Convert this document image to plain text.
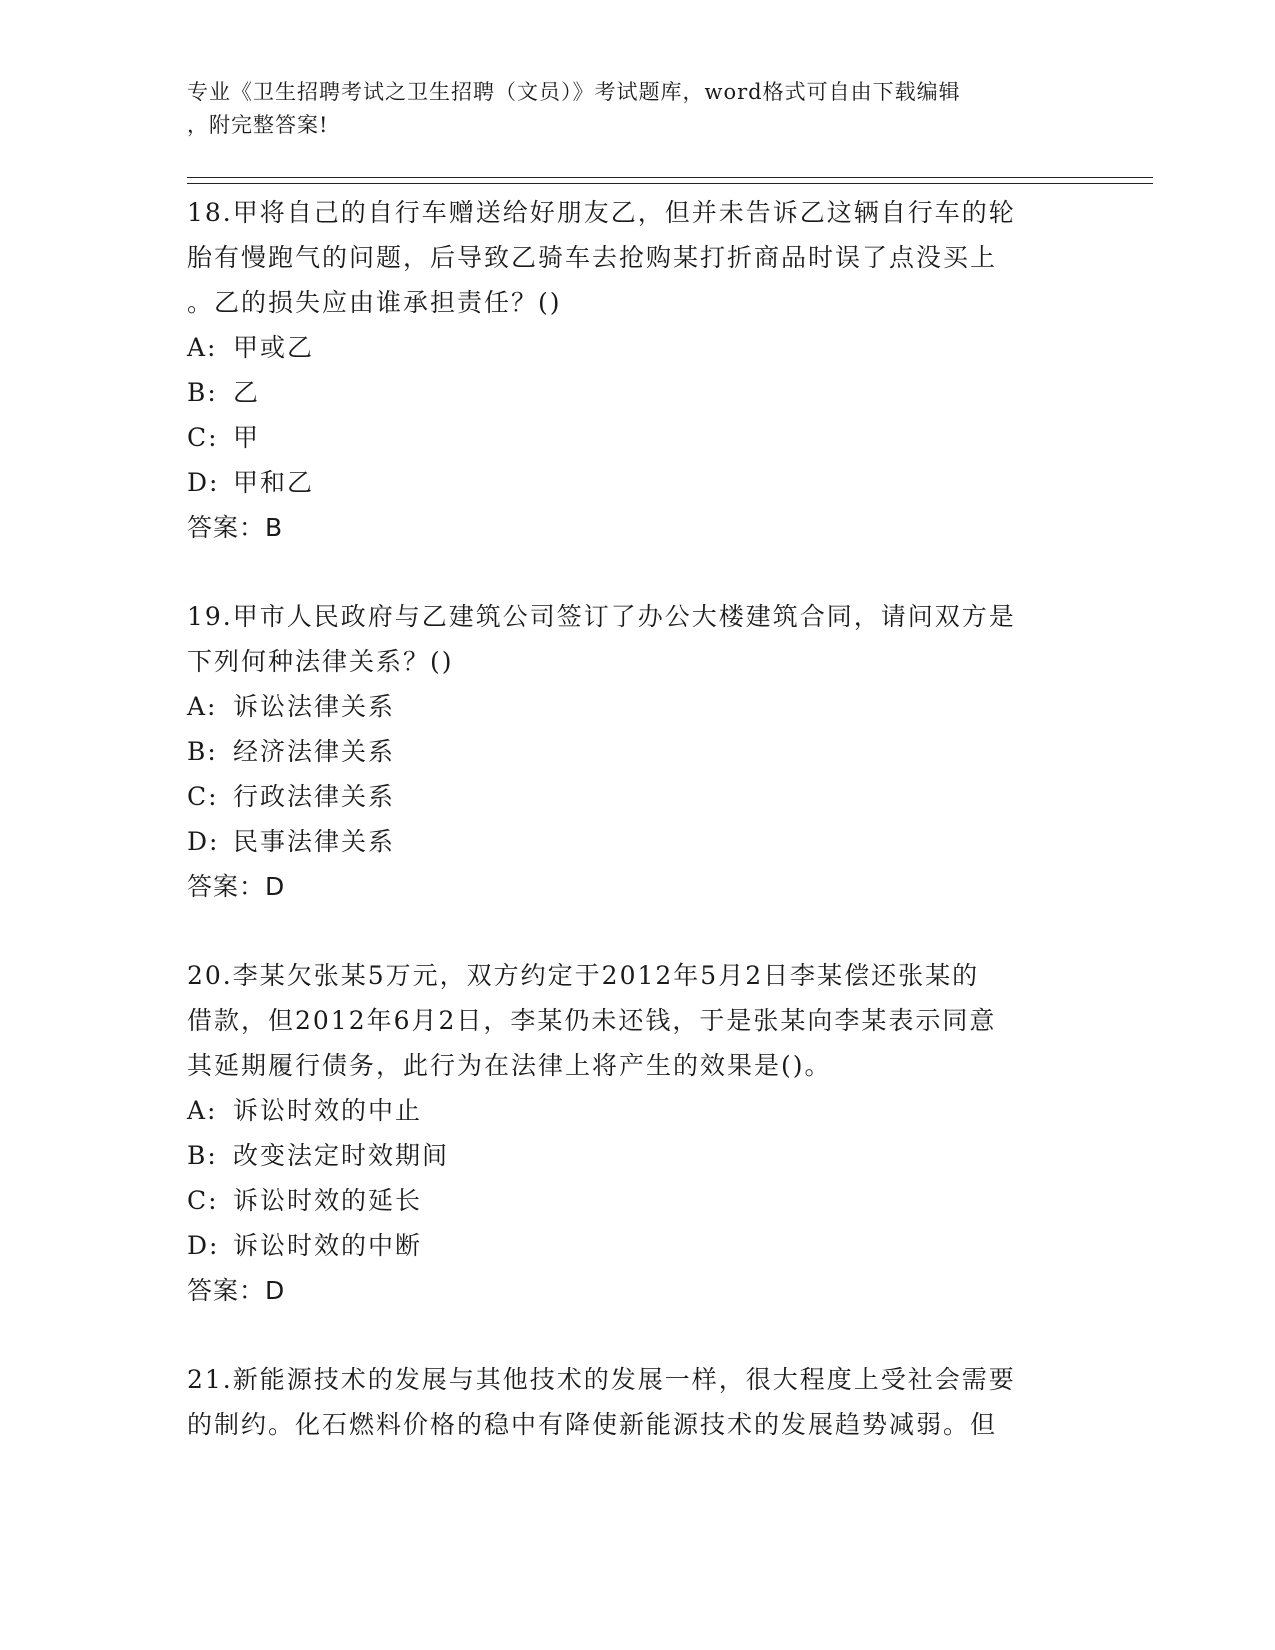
专业《卫生招聘考试之卫生招聘（文员）》考试题库，word格式可自由下载编辑
，附完整答案!
18.甲将自己的自行车赠送给好朋友乙，但并未告诉乙这辆自行车的轮
胎有慢跑气的问题，后导致乙骑车去抢购某打折商品时误了点没买上
。乙的损失应由谁承担责任？()
A: 甲或乙
B: 乙
C: 甲
D: 甲和乙
答案：B
19.甲市人民政府与乙建筑公司签订了办公大楼建筑合同，请问双方是
下列何种法律关系？()
A: 诉讼法律关系
B: 经济法律关系
C: 行政法律关系
D: 民事法律关系
答案：D
20.李某欠张某5万元，双方约定于2012年5月2日李某偿还张某的
借款，但2012年6月2日，李某仍未还钱，于是张某向李某表示同意
其延期履行债务，此行为在法律上将产生的效果是()。
A: 诉讼时效的中止
B: 改变法定时效期间
C: 诉讼时效的延长
D: 诉讼时效的中断
答案：D
21.新能源技术的发展与其他技术的发展一样，很大程度上受社会需要
的制约。化石燃料价格的稳中有降使新能源技术的发展趋势减弱。但
